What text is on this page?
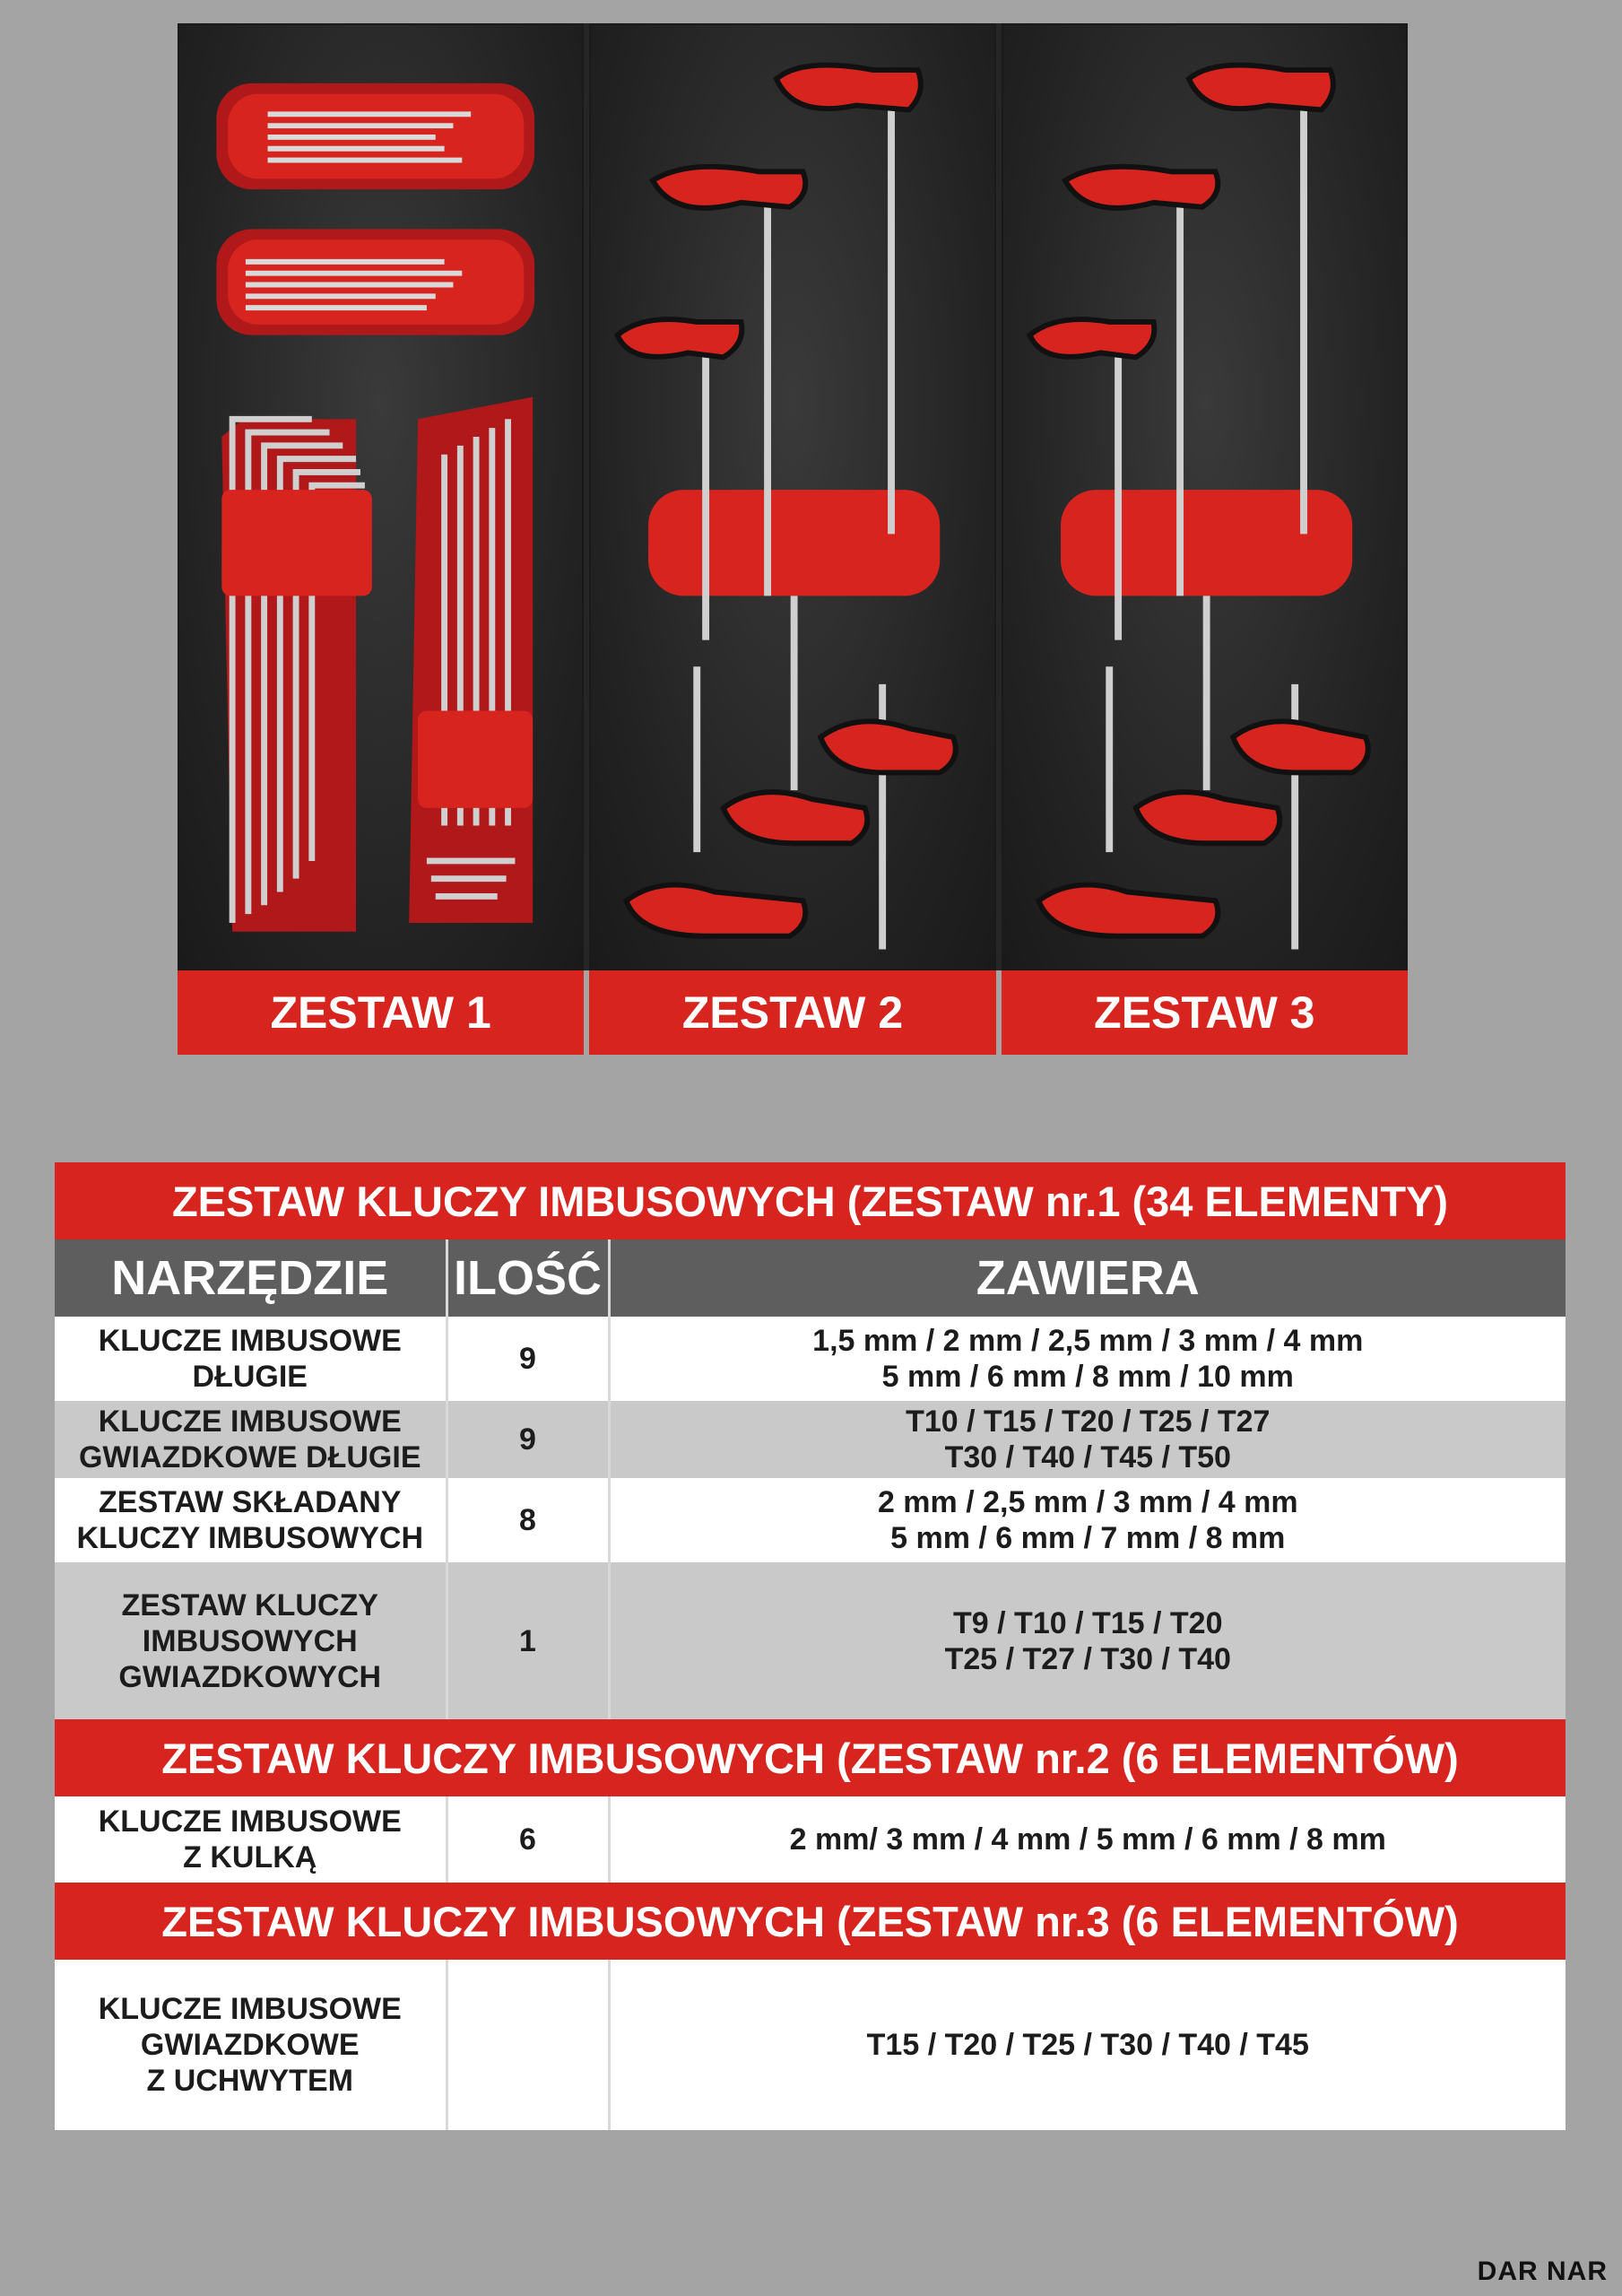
ZESTAW 1	ZESTAW 2	ZESTAW 3
ZESTAW KLUCZY IMBUSOWYCH (ZESTAW nr.1 (34 ELEMENTY)		
NARZĘDZIE	ILOŚĆ	ZAWIERA

KLUCZE IMBUSOWE
DŁUGIE	9	1,5 mm / 2 mm / 2,5 mm / 3 mm / 4 mm
5 mm / 6 mm / 8 mm / 10 mm

KLUCZE IMBUSOWE
GWIAZDKOWE DŁUGIE	9	T10 / T15 / T20 / T25 / T27
T30 / T40 / T45 / T50

ZESTAW SKŁADANY
KLUCZY IMBUSOWYCH	8	2 mm / 2,5 mm / 3 mm / 4 mm
5 mm / 6 mm / 7 mm / 8 mm

ZESTAW KLUCZY
IMBUSOWYCH
GWIAZDKOWYCH	1	T9 / T10 / T15 / T20
T25 / T27 / T30 / T40

ZESTAW KLUCZY IMBUSOWYCH (ZESTAW nr.2 (6 ELEMENTÓW)		

KLUCZE IMBUSOWE
Z KULKĄ	6	2 mm/ 3 mm / 4 mm / 5 mm / 6 mm / 8 mm

ZESTAW KLUCZY IMBUSOWYCH (ZESTAW nr.3 (6 ELEMENTÓW)		

KLUCZE IMBUSOWE
GWIAZDKOWE
Z UCHWYTEM		T15 / T20 / T25 / T30 / T40 / T45
DAR NAR
